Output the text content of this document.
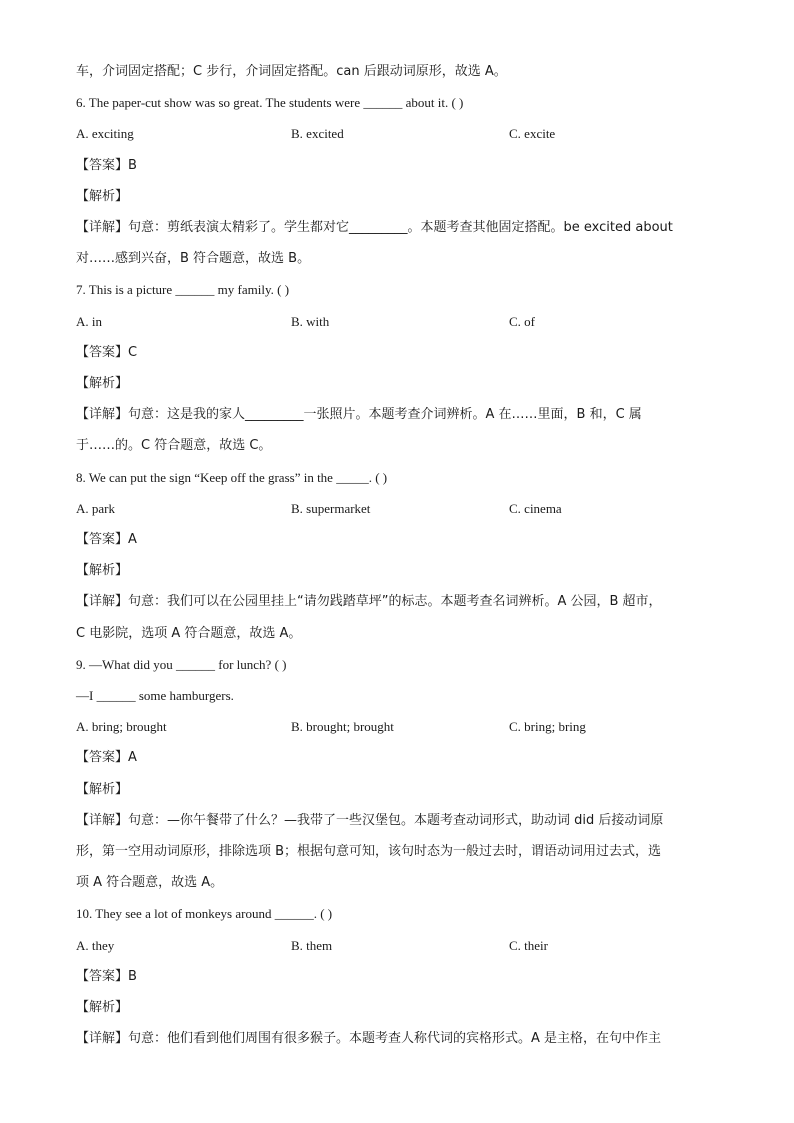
车，介词固定搭配；C 步行，介词固定搭配。can 后跟动词原形，故选 A。
6. The paper-cut show was so great. The students were ______ about it. ( )
A. exciting	B. excited	C. excite
【答案】B
【解析】
【详解】句意：剪纸表演太精彩了。学生都对它_________。本题考查其他固定搭配。be excited about
对……感到兴奋，B 符合题意，故选 B。
7. This is a picture ______ my family. ( )
A. in	B. with	C. of
【答案】C
【解析】
【详解】句意：这是我的家人_________一张照片。本题考查介词辨析。A 在……里面，B 和，C 属
于……的。C 符合题意，故选 C。
8. We can put the sign “Keep off the grass” in the _____. ( )
A. park	B. supermarket	C. cinema
【答案】A
【解析】
【详解】句意：我们可以在公园里挂上“请勿践踏草坪”的标志。本题考查名词辨析。A 公园，B 超市，
C 电影院，选项 A 符合题意，故选 A。
9. —What did you ______ for lunch? ( )
—I ______ some hamburgers.
A. bring; brought	B. brought; brought	C. bring; bring
【答案】A
【解析】
【详解】句意：—你午餐带了什么？—我带了一些汉堡包。本题考查动词形式，助动词 did 后接动词原
形，第一空用动词原形，排除选项 B；根据句意可知，该句时态为一般过去时，谓语动词用过去式，选
项 A 符合题意，故选 A。
10. They see a lot of monkeys around ______. ( )
A. they	B. them	C. their
【答案】B
【解析】
【详解】句意：他们看到他们周围有很多猴子。本题考查人称代词的宾格形式。A 是主格，在句中作主
